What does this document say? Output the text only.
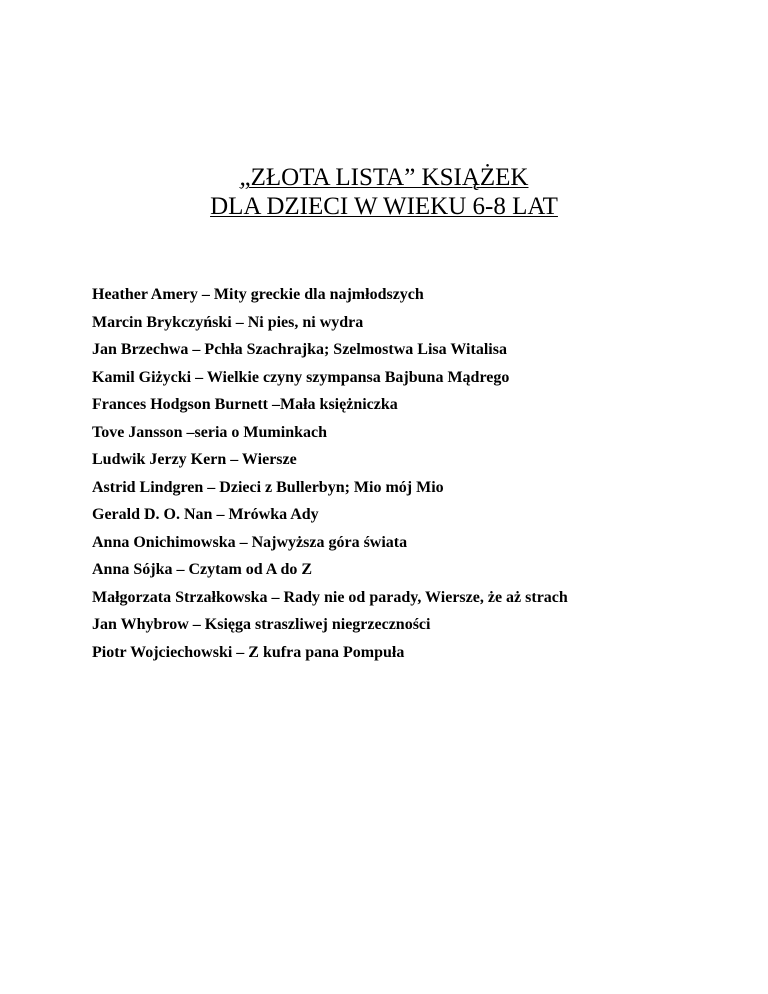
„ZŁOTA LISTA” KSIĄŻEK
DLA DZIECI W WIEKU 6-8 LAT
Heather Amery – Mity greckie dla najmłodszych
Marcin Brykczyński – Ni pies, ni wydra
Jan Brzechwa – Pchła Szachrajka; Szelmostwa Lisa Witalisa
Kamil Giżycki – Wielkie czyny szympansa Bajbuna Mądrego
Frances Hodgson Burnett –Mała księżniczka
Tove Jansson –seria o Muminkach
Ludwik Jerzy Kern – Wiersze
Astrid Lindgren – Dzieci z Bullerbyn; Mio mój Mio
Gerald D. O. Nan – Mrówka Ady
Anna Onichimowska – Najwyższa góra świata
Anna Sójka – Czytam od A do Z
Małgorzata Strzałkowska – Rady nie od parady, Wiersze, że aż strach
Jan Whybrow – Księga straszliwej niegrzeczności
Piotr Wojciechowski – Z kufra pana Pompuła
